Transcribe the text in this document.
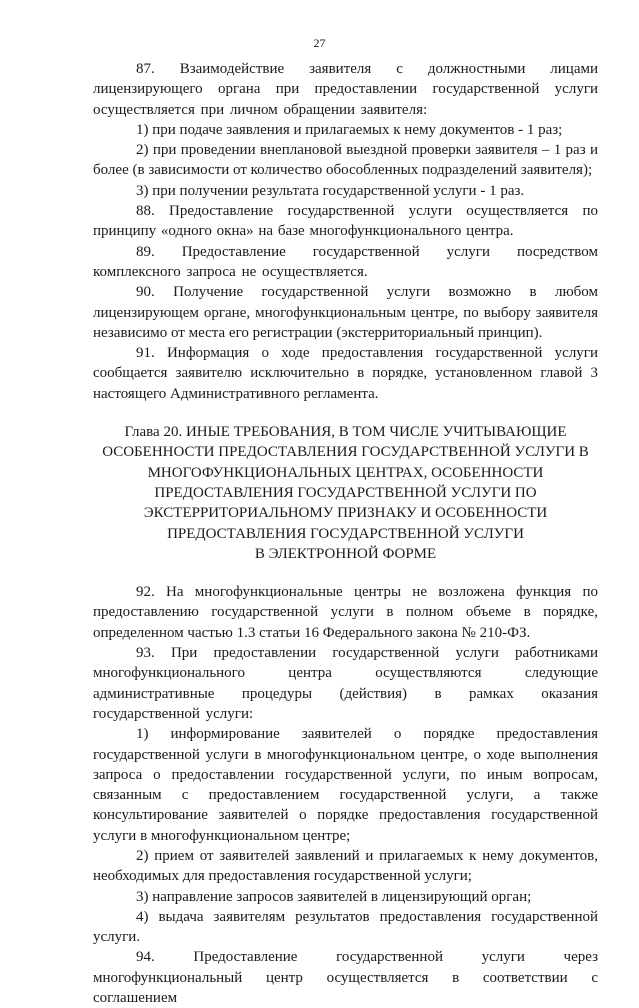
27

87. Взаимодействие заявителя с должностными лицами лицензирующего органа при предоставлении государственной услуги осуществляется при личном обращении заявителя:

1) при подаче заявления и прилагаемых к нему документов - 1 раз;

2) при проведении внеплановой выездной проверки заявителя – 1 раз и более (в зависимости от количество обособленных подразделений заявителя);

3) при получении результата государственной услуги - 1 раз.

88. Предоставление государственной услуги осуществляется по принципу «одного окна» на базе многофункционального центра.

89. Предоставление государственной услуги посредством комплексного запроса не осуществляется.

90. Получение государственной услуги возможно в любом лицензирующем органе, многофункциональным центре, по выбору заявителя независимо от места его регистрации (экстерриториальный принцип).

91. Информация о ходе предоставления государственной услуги сообщается заявителю исключительно в порядке, установленном главой 3 настоящего Административного регламента.

Глава 20. ИНЫЕ ТРЕБОВАНИЯ, В ТОМ ЧИСЛЕ УЧИТЫВАЮЩИЕ
ОСОБЕННОСТИ ПРЕДОСТАВЛЕНИЯ ГОСУДАРСТВЕННОЙ УСЛУГИ В
МНОГОФУНКЦИОНАЛЬНЫХ ЦЕНТРАХ, ОСОБЕННОСТИ
ПРЕДОСТАВЛЕНИЯ ГОСУДАРСТВЕННОЙ УСЛУГИ ПО
ЭКСТЕРРИТОРИАЛЬНОМУ ПРИЗНАКУ И ОСОБЕННОСТИ
ПРЕДОСТАВЛЕНИЯ ГОСУДАРСТВЕННОЙ УСЛУГИ
В ЭЛЕКТРОННОЙ ФОРМЕ

92. На многофункциональные центры не возложена функция по предоставлению государственной услуги в полном объеме в порядке, определенном частью 1.3 статьи 16 Федерального закона № 210-ФЗ.

93. При предоставлении государственной услуги работниками многофункционального центра осуществляются следующие административные процедуры (действия) в рамках оказания государственной услуги:

1) информирование заявителей о порядке предоставления государственной услуги в многофункциональном центре, о ходе выполнения запроса о предоставлении государственной услуги, по иным вопросам, связанным с предоставлением государственной услуги, а также консультирование заявителей о порядке предоставления государственной услуги в многофункциональном центре;

2) прием от заявителей заявлений и прилагаемых к нему документов, необходимых для предоставления государственной услуги;

3) направление запросов заявителей в лицензирующий орган;

4) выдача заявителям результатов предоставления государственной услуги.

94. Предоставление государственной услуги через многофункциональный центр осуществляется в соответствии с соглашением
